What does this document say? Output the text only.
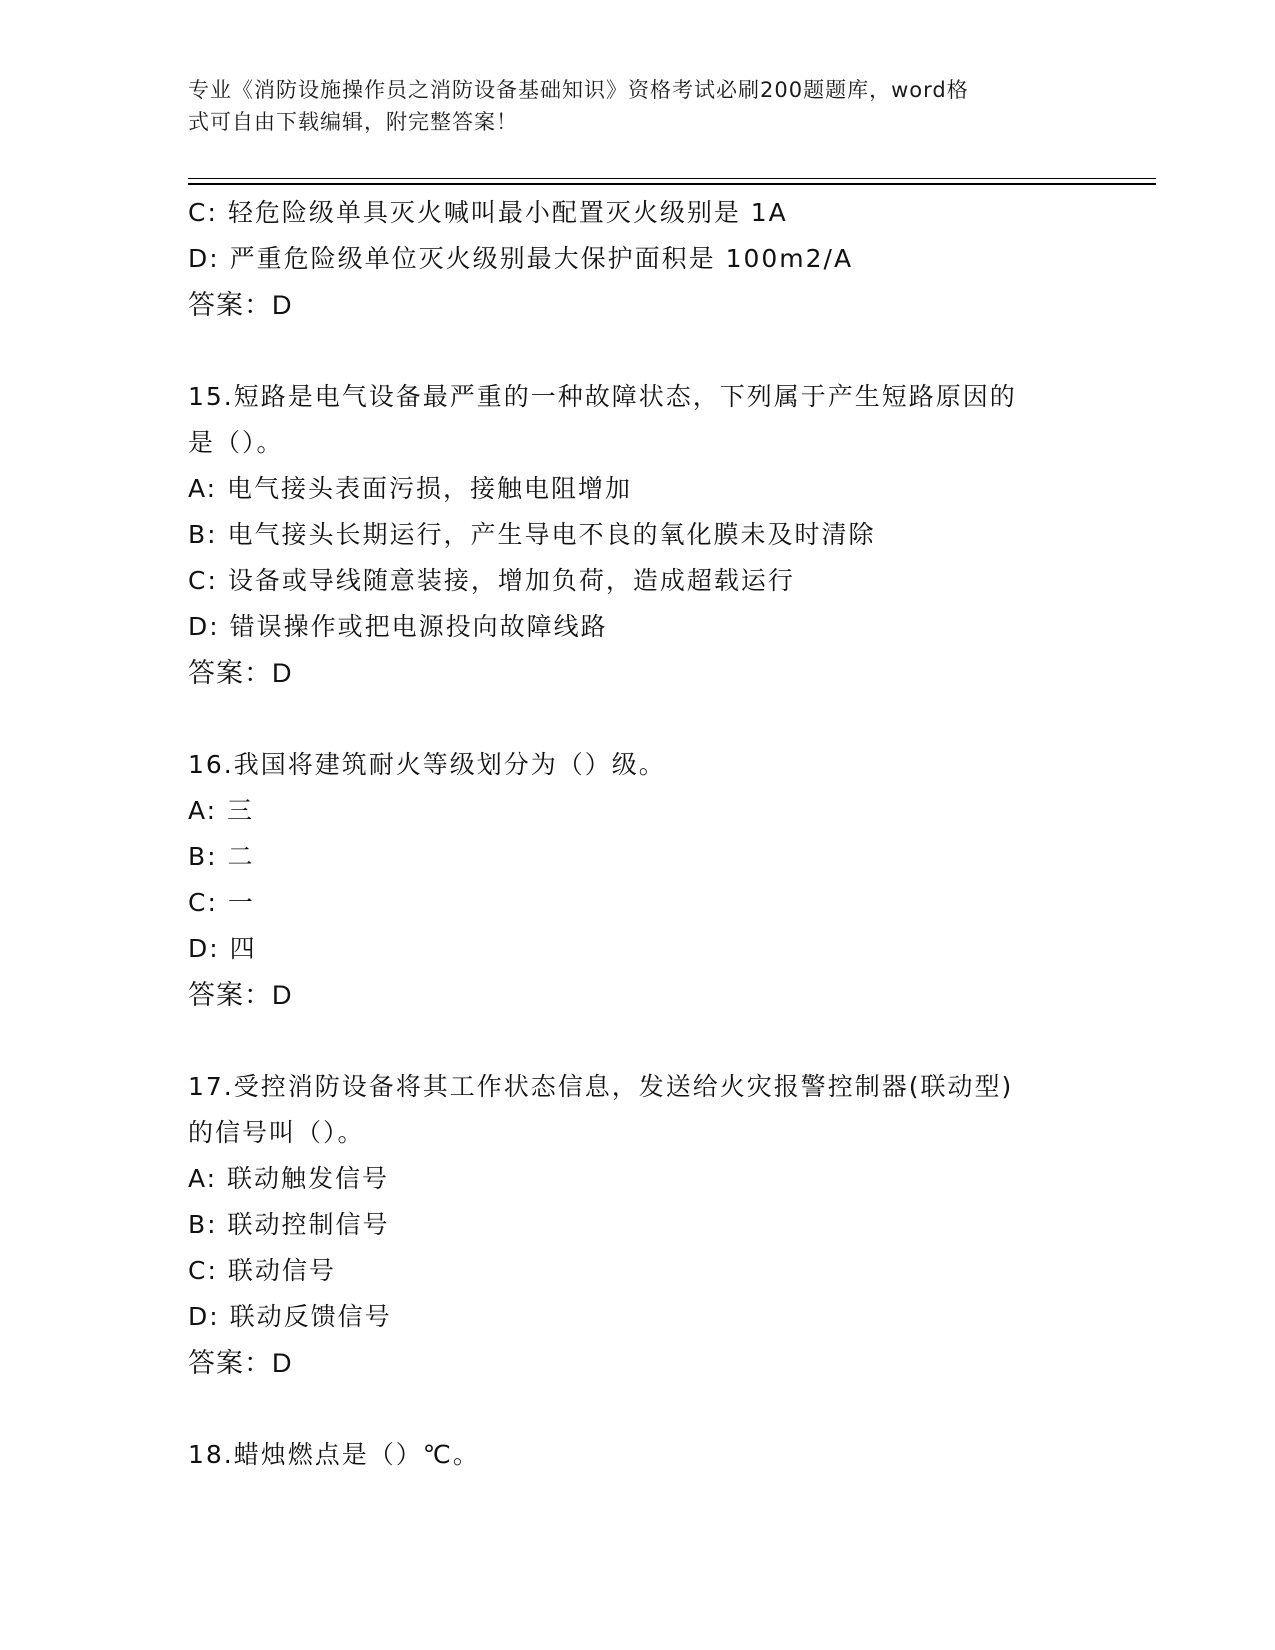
专业《消防设施操作员之消防设备基础知识》资格考试必刷200题题库，word格
式可自由下载编辑，附完整答案！
C: 轻危险级单具灭火喊叫最小配置灭火级别是 1A
D: 严重危险级单位灭火级别最大保护面积是 100m2/A
答案：D
15.短路是电气设备最严重的一种故障状态，下列属于产生短路原因的
是（）。
A: 电气接头表面污损，接触电阻增加
B: 电气接头长期运行，产生导电不良的氧化膜未及时清除
C: 设备或导线随意装接，增加负荷，造成超载运行
D: 错误操作或把电源投向故障线路
答案：D
16.我国将建筑耐火等级划分为（）级。
A: 三
B: 二
C: 一
D: 四
答案：D
17.受控消防设备将其工作状态信息，发送给火灾报警控制器(联动型)
的信号叫（）。
A: 联动触发信号
B: 联动控制信号
C: 联动信号
D: 联动反馈信号
答案：D
18.蜡烛燃点是（）℃。
